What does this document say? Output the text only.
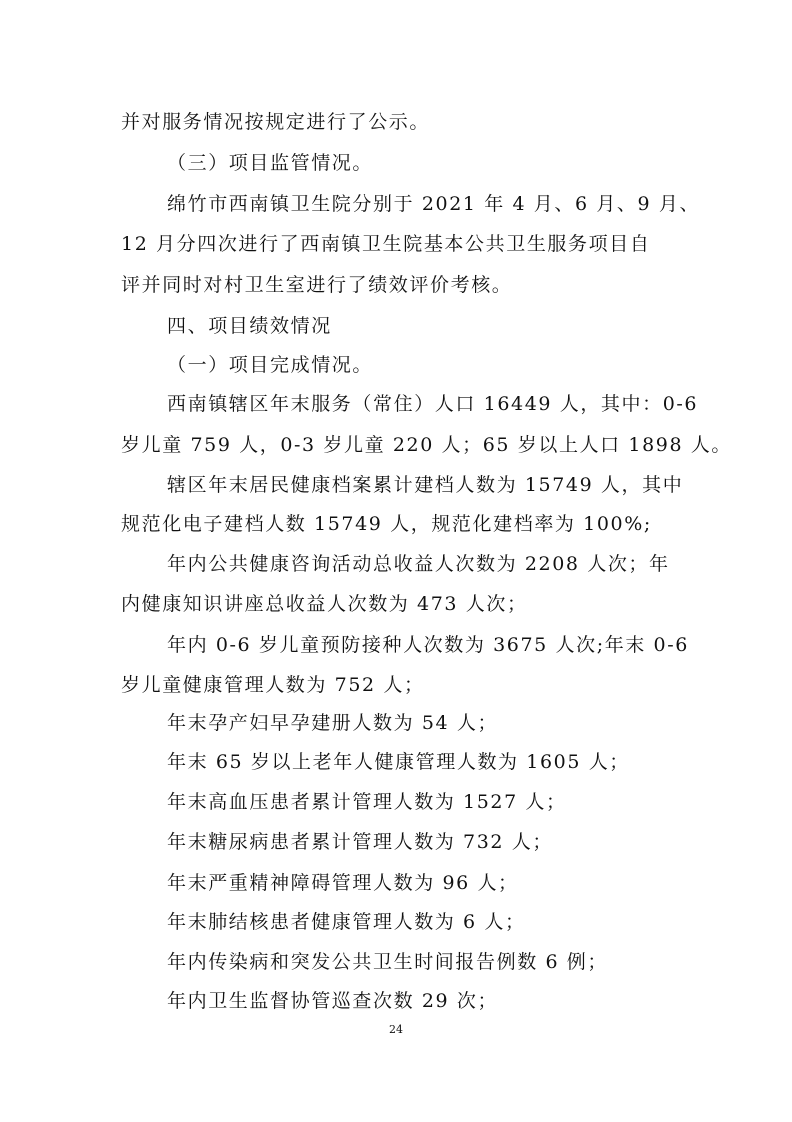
并对服务情况按规定进行了公示。
（三）项目监管情况。
绵竹市西南镇卫生院分别于 2021 年 4 月、6 月、9 月、
12 月分四次进行了西南镇卫生院基本公共卫生服务项目自
评并同时对村卫生室进行了绩效评价考核。
四、项目绩效情况
（一）项目完成情况。
西南镇辖区年末服务（常住）人口 16449 人，其中：0-6
岁儿童 759 人，0-3 岁儿童 220 人；65 岁以上人口 1898 人。
辖区年末居民健康档案累计建档人数为 15749 人，其中
规范化电子建档人数 15749 人，规范化建档率为 100%;
年内公共健康咨询活动总收益人次数为 2208 人次；年
内健康知识讲座总收益人次数为 473 人次；
年内 0-6 岁儿童预防接种人次数为 3675 人次;年末 0-6
岁儿童健康管理人数为 752 人；
年末孕产妇早孕建册人数为 54 人；
年末 65 岁以上老年人健康管理人数为 1605 人；
年末高血压患者累计管理人数为 1527 人；
年末糖尿病患者累计管理人数为 732 人；
年末严重精神障碍管理人数为 96 人；
年末肺结核患者健康管理人数为 6 人；
年内传染病和突发公共卫生时间报告例数 6 例；
年内卫生监督协管巡查次数 29 次；
24
